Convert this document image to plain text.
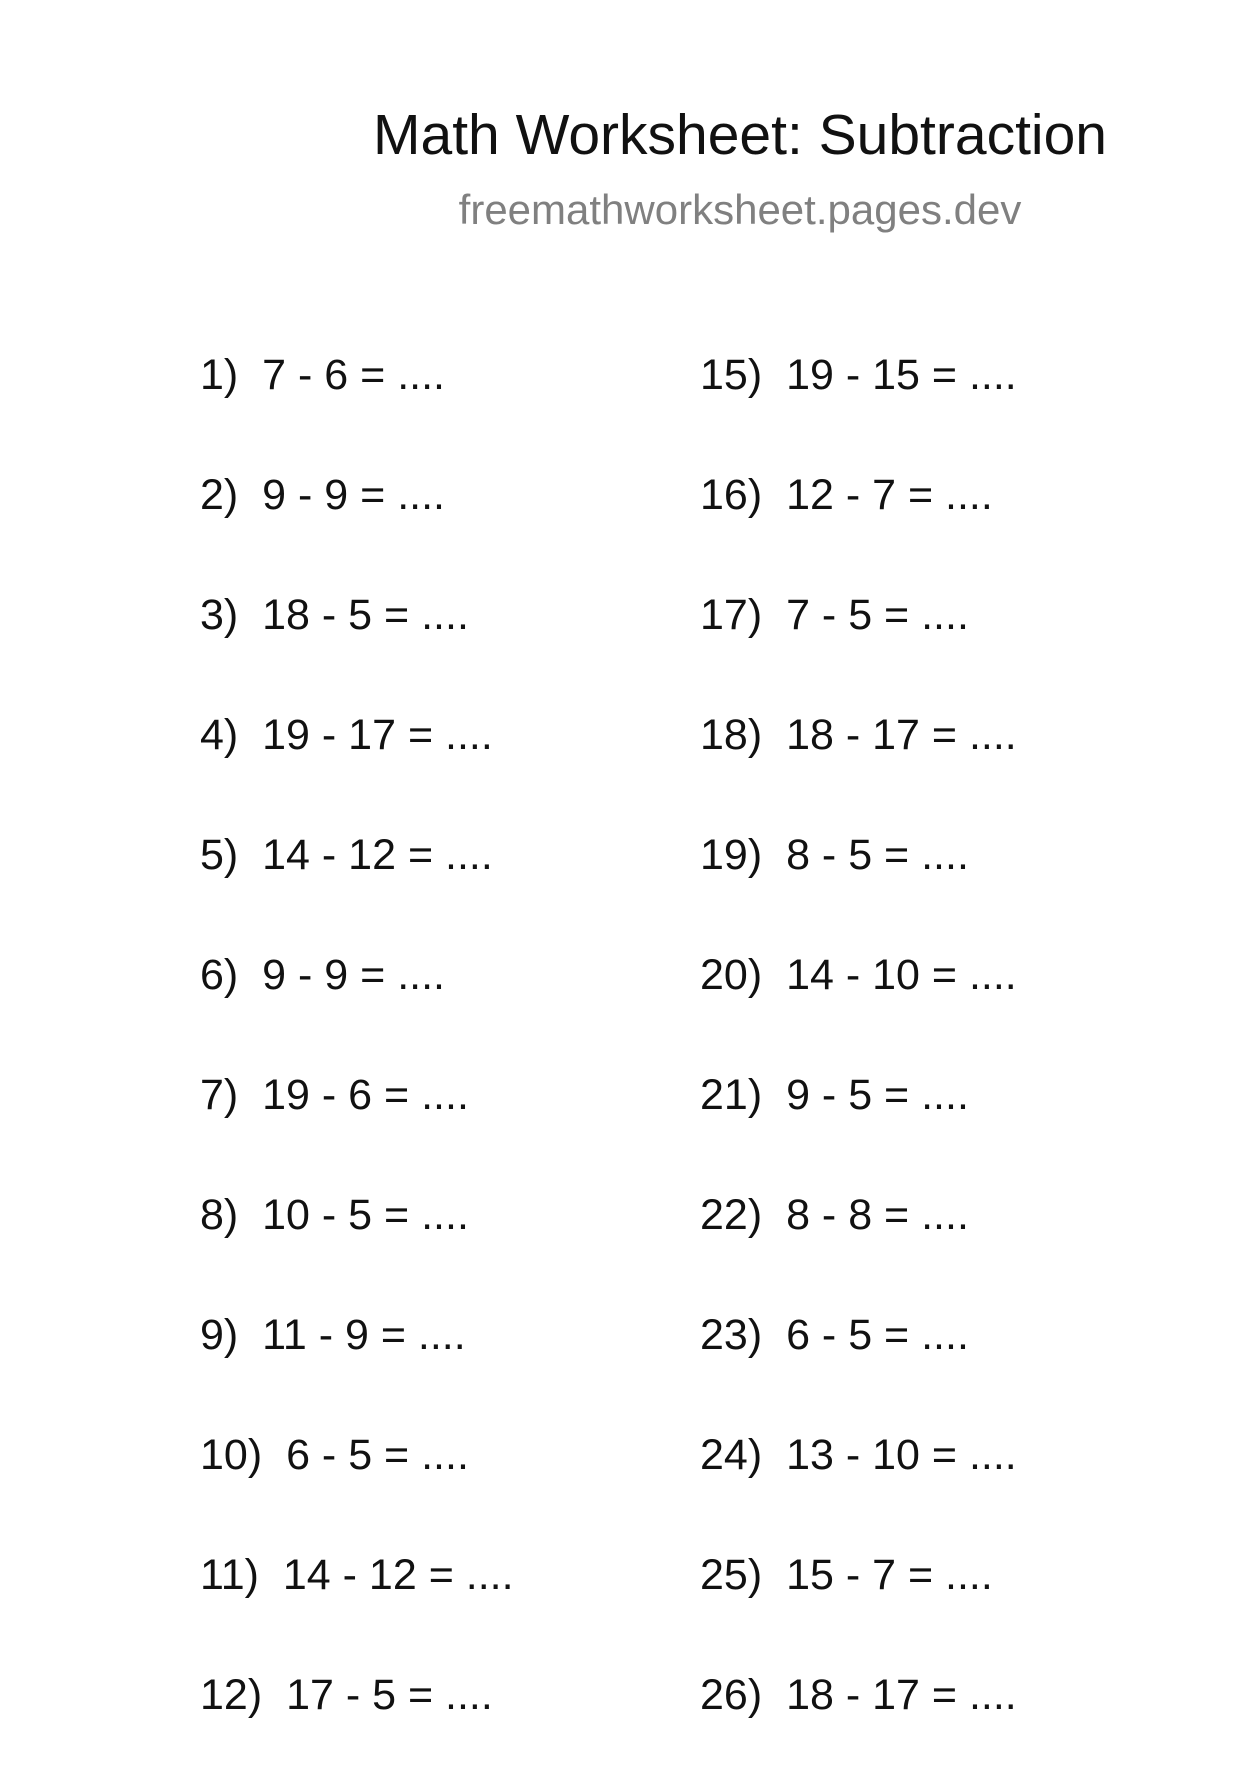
Math Worksheet: Subtraction
freemathworksheet.pages.dev
1) 7 - 6 = ....
2) 9 - 9 = ....
3) 18 - 5 = ....
4) 19 - 17 = ....
5) 14 - 12 = ....
6) 9 - 9 = ....
7) 19 - 6 = ....
8) 10 - 5 = ....
9) 11 - 9 = ....
10) 6 - 5 = ....
11) 14 - 12 = ....
12) 17 - 5 = ....
15) 19 - 15 = ....
16) 12 - 7 = ....
17) 7 - 5 = ....
18) 18 - 17 = ....
19) 8 - 5 = ....
20) 14 - 10 = ....
21) 9 - 5 = ....
22) 8 - 8 = ....
23) 6 - 5 = ....
24) 13 - 10 = ....
25) 15 - 7 = ....
26) 18 - 17 = ....
